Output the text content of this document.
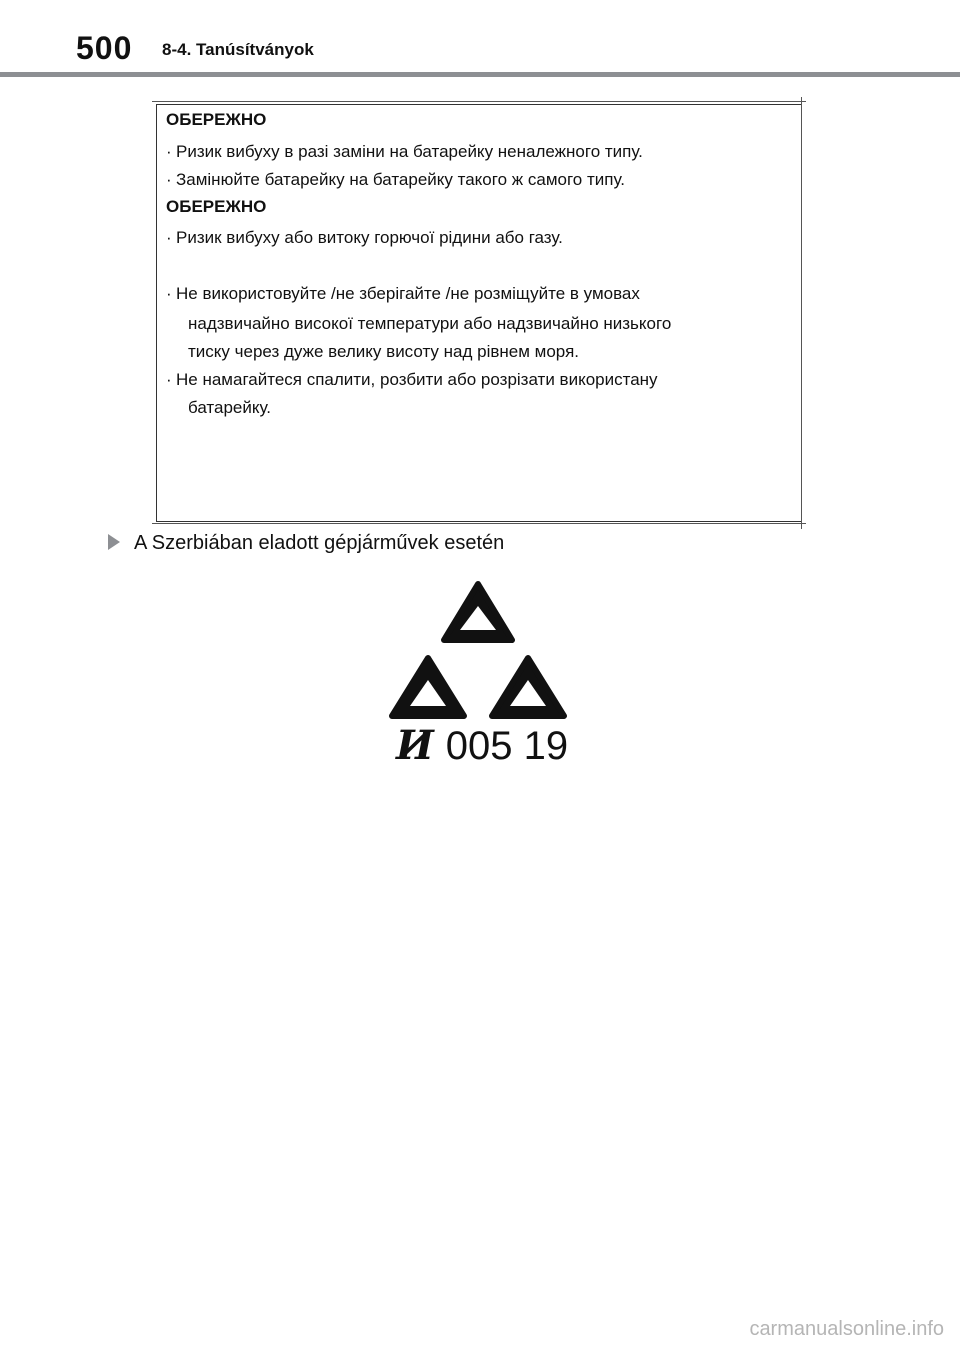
500 8-4. Tanúsítványok
ОБЕРЕЖНО
· Ризик вибуху в разі заміни на батарейку неналежного типу.
· Замінюйте батарейку на батарейку такого ж самого типу.
ОБЕРЕЖНО
· Ризик вибуху або витоку горючої рідини або газу.
· Не використовуйте /не зберігайте /не розміщуйте в умовах
надзвичайно високої температури або надзвичайно низького
тиску через дуже велику висоту над рівнем моря.
· Не намагайтеся спалити, розбити або розрізати використану
батарейку.
A Szerbiában eladott gépjárművek esetén
И 005 19
carmanualsonline.info
